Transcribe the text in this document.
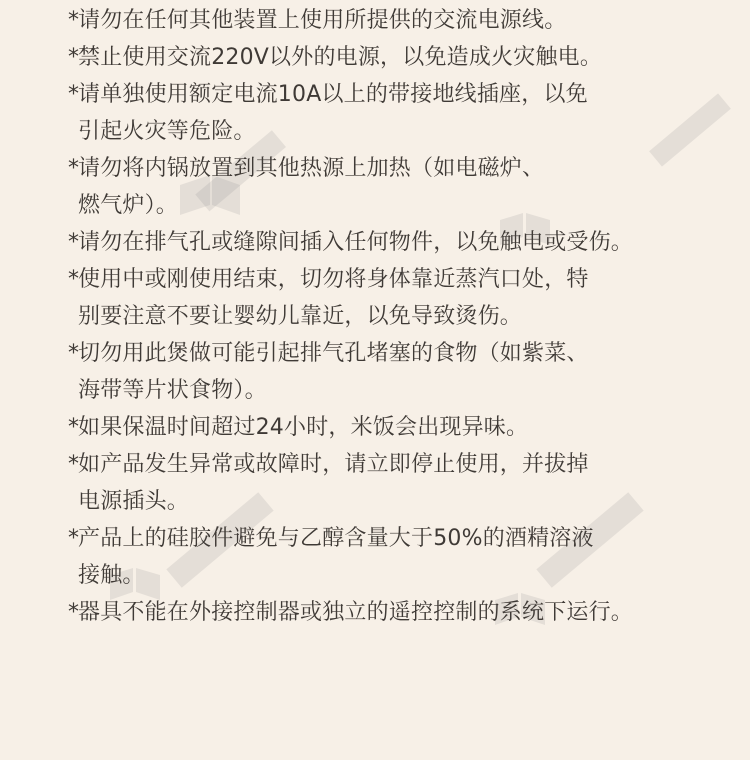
*
请勿在任何其他装置上使用所提供的交流电源线。
*
禁止使用交流220V以外的电源，以免造成火灾触电。
*
请单独使用额定电流10A以上的带接地线插座，以免
引起火灾等危险。
*
请勿将内锅放置到其他热源上加热（如电磁炉、
燃气炉）。
*
请勿在排气孔或缝隙间插入任何物件，以免触电或受伤。
*
使用中或刚使用结束，切勿将身体靠近蒸汽口处，特
别要注意不要让婴幼儿靠近，以免导致烫伤。
*
切勿用此煲做可能引起排气孔堵塞的食物（如紫菜、
海带等片状食物）。
*
如果保温时间超过24小时，米饭会出现异味。
*
如产品发生异常或故障时，请立即停止使用，并拔掉
电源插头。
*
产品上的硅胶件避免与乙醇含量大于50%的酒精溶液
接触。
*
器具不能在外接控制器或独立的遥控控制的系统下运行。
